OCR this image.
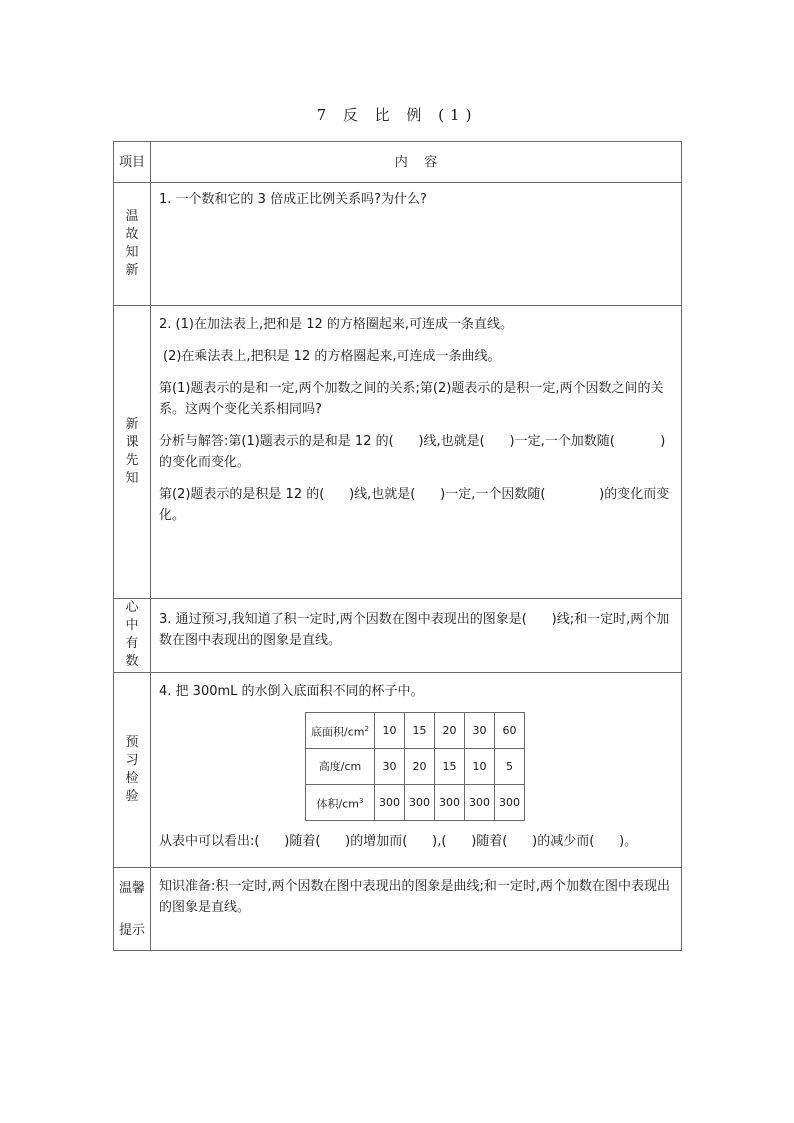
7 反 比 例 (1)
项目	内    容
温故知新	

1. 一个数和它的 3 倍成正比例关系吗?为什么?

新课先知	

2. (1)在加法表上,把和是 12 的方格圈起来,可连成一条直线。

(2)在乘法表上,把积是 12 的方格圈起来,可连成一条曲线。

第(1)题表示的是和一定,两个加数之间的关系;第(2)题表示的是积一定,两个因数之间的关系。这两个变化关系相同吗?

分析与解答:第(1)题表示的是和是 12 的(      )线,也就是(      )一定,一个加数随(           )的变化而变化。

第(2)题表示的是积是 12 的(      )线,也就是(      )一定,一个因数随(             )的变化而变化。

心中有数	

3. 通过预习,我知道了积一定时,两个因数在图中表现出的图象是(      )线;和一定时,两个加数在图中表现出的图象是直线。

预习检验	

4. 把 300mL 的水倒入底面积不同的杯子中。

底面积$/cm^2$	10	15	20	30	60
高度/cm	30	20	15	10	5
体积$/cm^3$	300	300	300	300	300

从表中可以看出:(      )随着(      )的增加而(      ),(      )随着(      )的减少而(      )。

温馨

提示	

知识准备:积一定时,两个因数在图中表现出的图象是曲线;和一定时,两个加数在图中表现出的图象是直线。
